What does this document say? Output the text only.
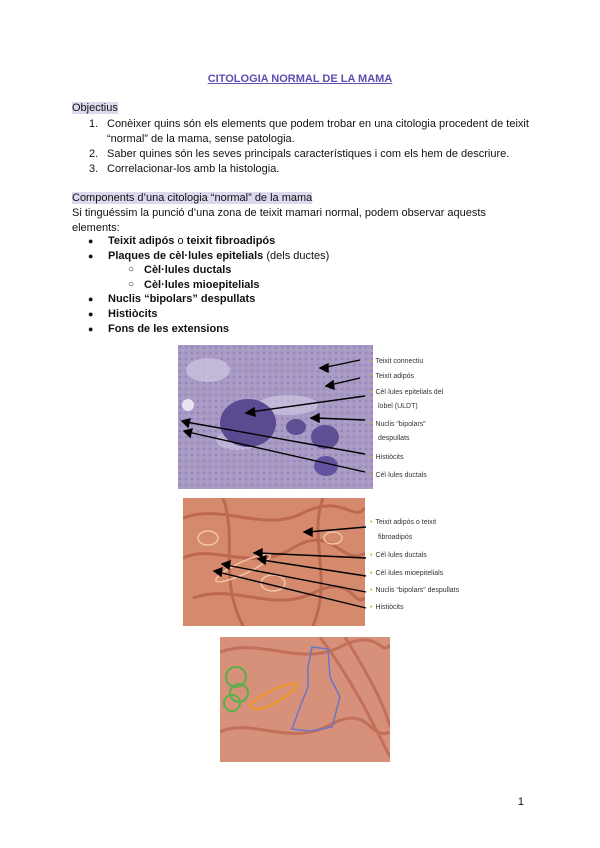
CITOLOGIA NORMAL DE LA MAMA
Objectius
1. Conèixer quins són els elements que podem trobar en una citologia procedent de teixit “normal” de la mama, sense patologia.
2. Saber quines són les seves principals característiques i com els hem de descriure.
3. Correlacionar-los amb la histologia.
Components d’una citologia “normal” de la mama
Si tinguéssim la punció d’una zona de teixit mamari normal, podem observar aquests elements:
● Teixit adipós o teixit fibroadipós
● Plaques de cèl·lules epitelials (dels ductes)
○ Cèl·lules ductals
○ Cèl·lules mioepitelials
● Nuclis “bipolars” despullats
● Histiòcits
● Fons de les extensions
• Teixit connectiu
• Teixit adipós
• Cèl·lules epitelials del
lobel (ULDT)
• Nuclis “bipolars”
despullats
• Histiòcits
• Cèl·lules ductals
• Teixit adipós o teixit
fibroadipós
• Cèl·lules ductals
• Cèl·lules mioepitelials
• Nuclis “bipolars” despullats
• Histiòcits
1
